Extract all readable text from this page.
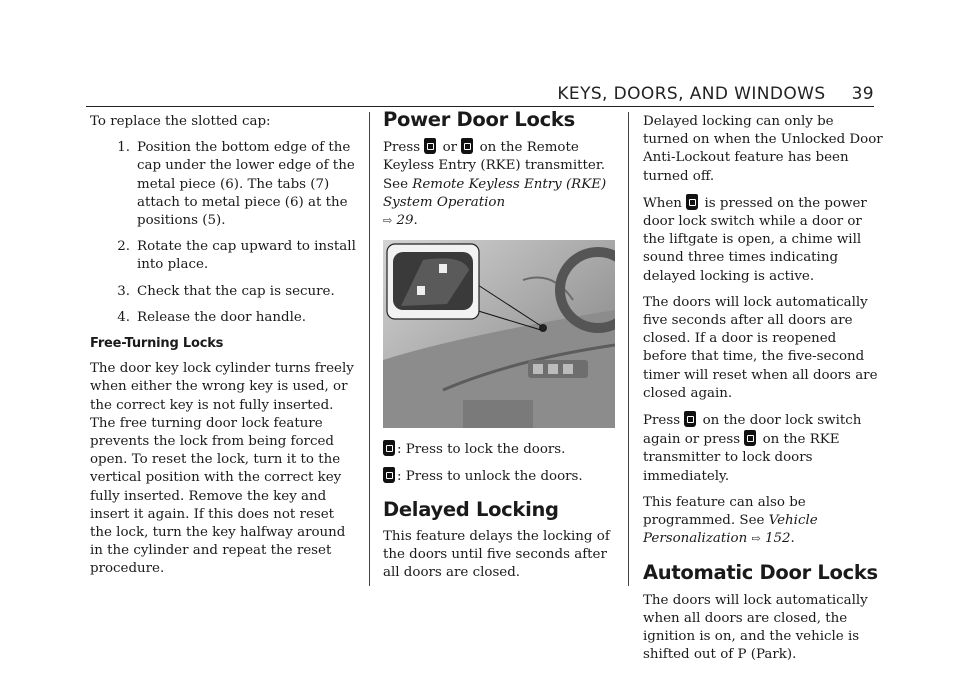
KEYS, DOORS, AND WINDOWS 39

To replace the slotted cap:

1. Position the bottom edge of the cap under the lower edge of the metal piece (6). The tabs (7) attach to metal piece (6) at the positions (5).
2. Rotate the cap upward to install into place.
3. Check that the cap is secure.
4. Release the door handle.
Free-Turning Locks

The door key lock cylinder turns freely when either the wrong key is used, or the correct key is not fully inserted. The free turning door lock feature prevents the lock from being forced open. To reset the lock, turn it to the vertical position with the correct key fully inserted. Remove the key and insert it again. If this does not reset the lock, turn the key halfway around in the cylinder and repeat the reset procedure.

Power Door Locks

Press  or  on the Remote Keyless Entry (RKE) transmitter. See Remote Keyless Entry (RKE) System Operation
⇨ 29.

: Press to lock the doors.

: Press to unlock the doors.

Delayed Locking

This feature delays the locking of the doors until five seconds after all doors are closed.

Delayed locking can only be turned on when the Unlocked Door Anti-Lockout feature has been turned off.

When  is pressed on the power door lock switch while a door or the liftgate is open, a chime will sound three times indicating delayed locking is active.

The doors will lock automatically five seconds after all doors are closed. If a door is reopened before that time, the five-second timer will reset when all doors are closed again.

Press  on the door lock switch again or press  on the RKE transmitter to lock doors immediately.

This feature can also be programmed. See Vehicle Personalization ⇨ 152.

Automatic Door Locks

The doors will lock automatically when all doors are closed, the ignition is on, and the vehicle is shifted out of P (Park).
